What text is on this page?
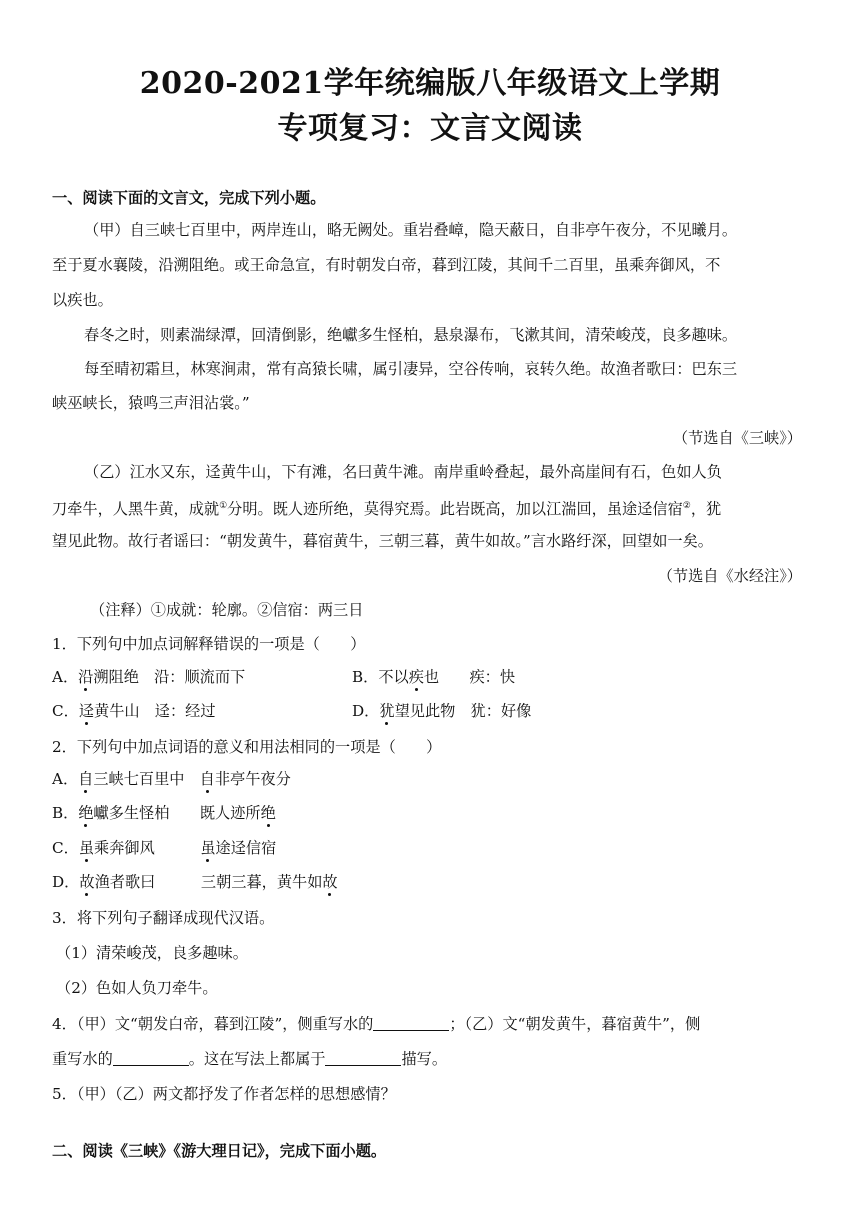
2020-2021学年统编版八年级语文上学期
专项复习：文言文阅读
一、阅读下面的文言文，完成下列小题。
（甲）自三峡七百里中，两岸连山，略无阙处。重岩叠嶂，隐天蔽日，自非亭午夜分，不见曦月。
至于夏水襄陵，沿溯阻绝。或王命急宣，有时朝发白帝，暮到江陵，其间千二百里，虽乘奔御风，不
以疾也。
春冬之时，则素湍绿潭，回清倒影，绝巘多生怪柏，悬泉瀑布，飞漱其间，清荣峻茂，良多趣味。
每至晴初霜旦，林寒涧肃，常有高猿长啸，属引凄异，空谷传响，哀转久绝。故渔者歌曰：巴东三
峡巫峡长，猿鸣三声泪沾裳。”
（节选自《三峡》）
（乙）江水又东，迳黄牛山，下有滩，名曰黄牛滩。南岸重岭叠起，最外高崖间有石，色如人负
刀牵牛，人黑牛黄，成就①分明。既人迹所绝，莫得究焉。此岩既高，加以江湍回，虽途迳信宿②，犹
望见此物。故行者谣曰：“朝发黄牛，暮宿黄牛，三朝三暮，黄牛如故。”言水路纡深，回望如一矣。
（节选自《水经注》）
（注释）①成就：轮廓。②信宿：两三日
1．下列句中加点词解释错误的一项是（　　）
A．沿溯阻绝　沿：顺流而下	B．不以疾也　　疾：快
C．迳黄牛山　迳：经过	D．犹望见此物　犹：好像
2．下列句中加点词语的意义和用法相同的一项是（　　）
A．自三峡七百里中　自非亭午夜分
B．绝巘多生怪柏　　既人迹所绝
C．虽乘奔御风　　　虽途迳信宿
D．故渔者歌曰　　　三朝三暮，黄牛如故
3．将下列句子翻译成现代汉语。
（1）清荣峻茂，良多趣味。
（2）色如人负刀牵牛。
4．（甲）文“朝发白帝，暮到江陵”，侧重写水的	；（乙）文“朝发黄牛，暮宿黄牛”，侧
重写水的	。这在写法上都属于	描写。
5．（甲）（乙）两文都抒发了作者怎样的思想感情？
二、阅读《三峡》《游大理日记》，完成下面小题。
